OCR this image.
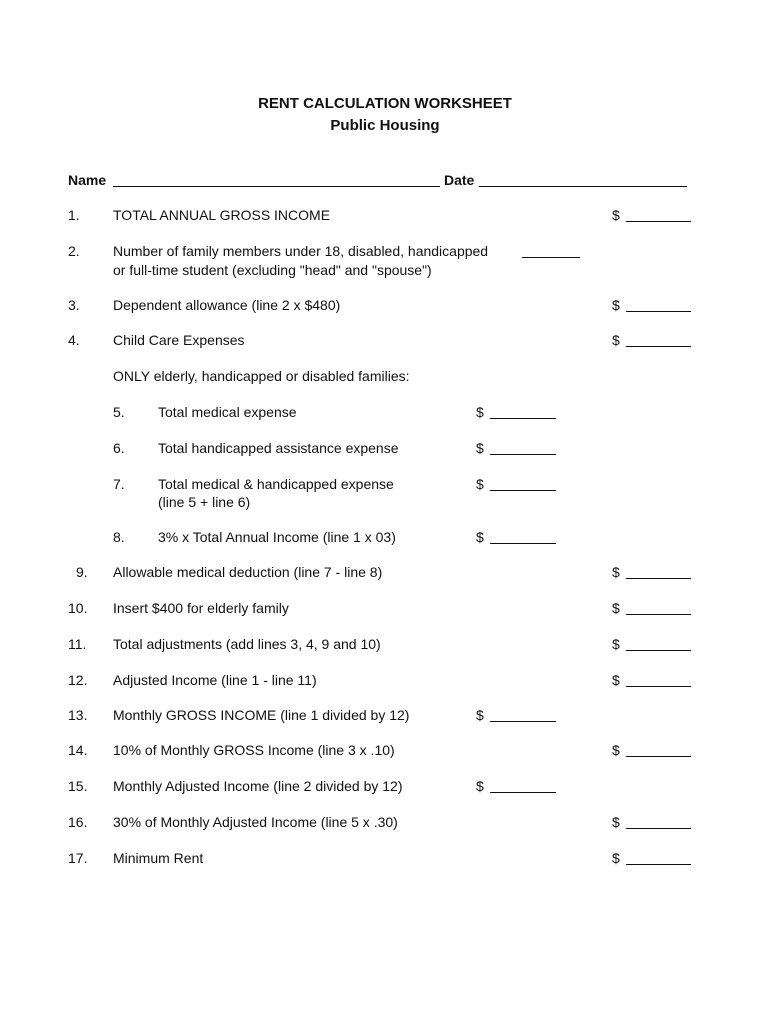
RENT CALCULATION WORKSHEET
Public Housing
Name	Date
1. TOTAL ANNUAL GROSS INCOME	$
2. Number of family members under 18, disabled, handicapped
or full-time student (excluding "head" and "spouse")
3. Dependent allowance (line 2 x $480)	$
4. Child Care Expenses	$
ONLY elderly, handicapped or disabled families:
5. Total medical expense	$
6. Total handicapped assistance expense	$
7. Total medical & handicapped expense
(line 5 + line 6)
$
8. 3% x Total Annual Income (line 1 x 03)	$
9. Allowable medical deduction (line 7 - line 8)	$
10. Insert $400 for elderly family	$
11. Total adjustments (add lines 3, 4, 9 and 10)	$
12. Adjusted Income (line 1 - line 11)	$
13. Monthly GROSS INCOME (line 1 divided by 12)	$
14. 10% of Monthly GROSS Income (line 3 x .10)	$
15. Monthly Adjusted Income (line 2 divided by 12)	$
16. 30% of Monthly Adjusted Income (line 5 x .30)	$
17. Minimum Rent	$
